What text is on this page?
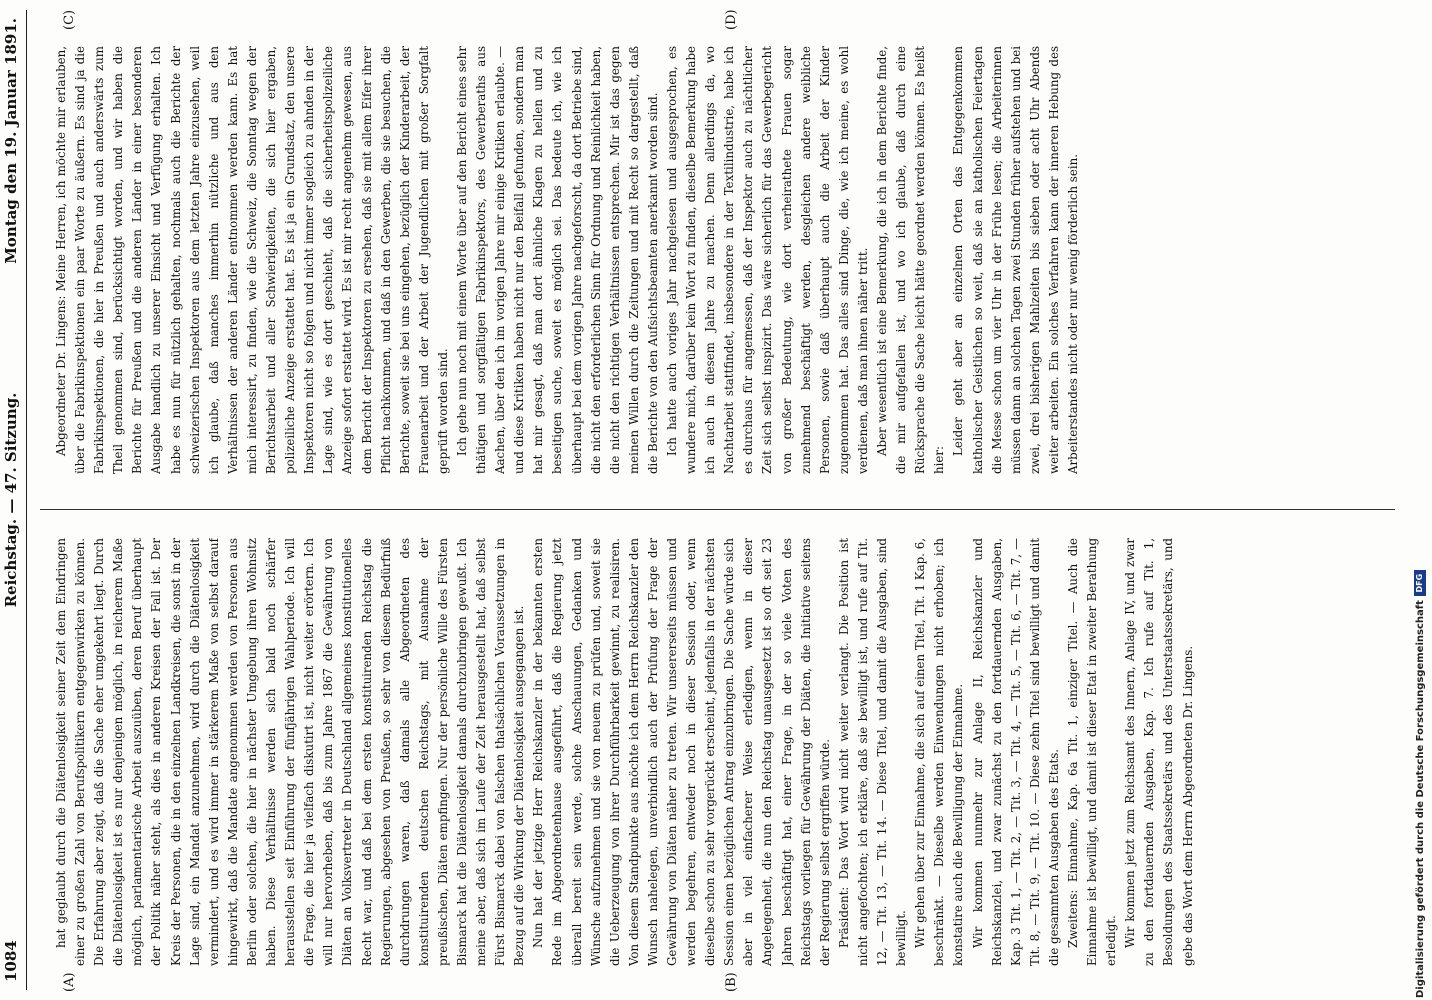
1084
Reichstag. — 47. Sitzung.
Montag den 19. Januar 1891.
(A)	(B)
(C)	(D)

hat geglaubt durch die Diätenlosigkeit seiner Zeit dem Eindringen einer zu großen Zahl von Berufspolitikern entgegenwirken zu können. Die Erfahrung aber zeigt, daß die Sache eher umgekehrt liegt. Durch die Diätenlosigkeit ist es nur denjenigen möglich, in reicherem Maße möglich, parlamentarische Arbeit auszuüben, deren Beruf überhaupt der Politik näher steht, als dies in anderen Kreisen der Fall ist. Der Kreis der Personen, die in den einzelnen Landkreisen, die sonst in der Lage sind, ein Mandat anzunehmen, wird durch die Diätenlosigkeit vermindert, und es wird immer in stärkerem Maße von selbst darauf hingewirkt, daß die Mandate angenommen werden von Personen aus Berlin oder solchen, die hier in nächster Umgebung ihren Wohnsitz haben. Diese Verhältnisse werden sich bald noch schärfer herausstellen seit Einführung der fünfjährigen Wahlperiode. Ich will die Frage, die hier ja vielfach diskutirt ist, nicht weiter erörtern. Ich will nur hervorheben, daß bis zum Jahre 1867 die Gewährung von Diäten an Volksvertreter in Deutschland allgemeines konstitutionelles Recht war, und daß bei dem ersten konstituirenden Reichstag die Regierungen, abgesehen von Preußen, so sehr von diesem Bedürfniß durchdrungen waren, daß damals alle Abgeordneten des konstituirenden deutschen Reichstags, mit Ausnahme der preußischen, Diäten empfingen. Nur der persönliche Wille des Fürsten Bismarck hat die Diätenlosigkeit damals durchzubringen gewußt. Ich meine aber, daß sich im Laufe der Zeit herausgestellt hat, daß selbst Fürst Bismarck dabei von falschen thatsächlichen Voraussetzungen in Bezug auf die Wirkung der Diätenlosigkeit ausgegangen ist. Nun hat der jetzige Herr Reichskanzler in der bekannten ersten Rede im Abgeordnetenhause ausgeführt, daß die Regierung jetzt überall bereit sein werde, solche Anschauungen, Gedanken und Wünsche aufzunehmen und sie von neuem zu prüfen und, soweit sie die Ueberzeugung von ihrer Durchführbarkeit gewinnt, zu realisiren. Von diesem Standpunkte aus möchte ich dem Herrn Reichskanzler den Wunsch nahelegen, unverbindlich auch der Prüfung der Frage der Gewährung von Diäten näher zu treten. Wir unsererseits müssen und werden begehren, entweder noch in dieser Session oder, wenn dieselbe schon zu sehr vorgerückt erscheint, jedenfalls in der nächsten Session einen bezüglichen Antrag einzubringen. Die Sache würde sich aber in viel einfacherer Weise erledigen, wenn in dieser Angelegenheit, die nun den Reichstag unausgesetzt ist so oft seit 23 Jahren beschäftigt hat, einer Frage, in der so viele Voten des Reichstags vorliegen für Gewährung der Diäten, die Initiative seitens der Regierung selbst ergriffen würde. Präsident: Das Wort wird nicht weiter verlangt. Die Position ist nicht angefochten; ich erkläre, daß sie bewilligt ist, und rufe auf Tit. 12, — Tit. 13, — Tit. 14. — Diese Titel, und damit die Ausgaben, sind bewilligt. Wir gehen über zur Einnahme, die sich auf einen Titel, Tit. 1 Kap. 6, beschränkt. — Dieselbe werden Einwendungen nicht erhoben; ich konstatire auch die Bewilligung der Einnahme. Wir kommen nunmehr zur Anlage II, Reichskanzler und Reichskanzlei, und zwar zunächst zu den fortdauernden Ausgaben, Kap. 3 Tit. 1, — Tit. 2, — Tit. 3, — Tit. 4, — Tit. 5, — Tit. 6, — Tit. 7, — Tit. 8, — Tit. 9, — Tit. 10. — Diese zehn Titel sind bewilligt und damit die gesammten Ausgaben des Etats. Zweitens: Einnahme, Kap. 6a Tit. 1, einziger Titel. — Auch die Einnahme ist bewilligt, und damit ist dieser Etat in zweiter Berathung erledigt. Wir kommen jetzt zum Reichsamt des Innern, Anlage IV, und zwar zu den fortdauernden Ausgaben, Kap. 7. Ich rufe auf Tit. 1, Besoldungen des Staatssekretärs und des Unterstaatssekretärs, und gebe das Wort dem Herrn Abgeordneten Dr. Lingens.

Abgeordneter Dr. Lingens: Meine Herren, ich möchte mir erlauben, über die Fabrikinspektionen ein paar Worte zu äußern. Es sind ja die Fabrikinspektionen, die hier in Preußen und auch anderswärts zum Theil genommen sind, berücksichtigt worden, und wir haben die Berichte für Preußen und die anderen Länder in einer besonderen Ausgabe handlich zu unserer Einsicht und Verfügung erhalten. Ich habe es nun für nützlich gehalten, nochmals auch die Berichte der schweizerischen Inspektoren aus dem letzten Jahre einzusehen, weil ich glaube, daß manches immerhin nützliche und aus den Verhältnissen der anderen Länder entnommen werden kann. Es hat mich interessirt, zu finden, wie die Schweiz, die Sonntag wegen der Berichtsarbeit und aller Schwierigkeiten, die sich hier ergaben, polizeiliche Anzeige erstattet hat. Es ist ja ein Grundsatz, den unsere Inspektoren nicht so folgen und nicht immer sogleich zu ahnden in der Lage sind, wie es dort geschieht, daß die sicherheitspolizeiliche Anzeige sofort erstattet wird. Es ist mir recht angenehm gewesen, aus dem Bericht der Inspektoren zu ersehen, daß sie mit allem Eifer ihrer Pflicht nachkommen, und daß in den Gewerben, die sie besuchen, die Berichte, soweit sie bei uns eingehen, bezüglich der Kinderarbeit, der Frauenarbeit und der Arbeit der Jugendlichen mit großer Sorgfalt geprüft worden sind. Ich gehe nun noch mit einem Worte über auf den Bericht eines sehr thätigen und sorgfältigen Fabrikinspektors, des Gewerberaths aus Aachen, über den ich im vorigen Jahre mir einige Kritiken erlaubte. — und diese Kritiken haben nicht nur den Beifall gefunden, sondern man hat mir gesagt, daß man dort ähnliche Klagen zu hellen und zu beseitigen suche, soweit es möglich sei. Das bedeute ich, wie ich überhaupt bei dem vorigen Jahre nachgeforscht, da dort Betriebe sind, die nicht den erforderlichen Sinn für Ordnung und Reinlichkeit haben, die nicht den richtigen Verhältnissen entsprechen. Mir ist das gegen meinen Willen durch die Zeitungen und mit Recht so dargestellt, daß die Berichte von den Aufsichtsbeamten anerkannt worden sind. Ich hatte auch voriges Jahr nachgelesen und ausgesprochen, es wundere mich, darüber kein Wort zu finden, dieselbe Bemerkung habe ich auch in diesem Jahre zu machen. Denn allerdings da, wo Nachtarbeit stattfindet, insbesondere in der Textilindustrie, habe ich es durchaus für angemessen, daß der Inspektor auch zu nächtlicher Zeit sich selbst inspizirt. Das wäre sicherlich für das Gewerbegericht von großer Bedeutung, wie dort verheirathete Frauen sogar zunehmend beschäftigt werden, desgleichen andere weibliche Personen, sowie daß überhaupt auch die Arbeit der Kinder zugenommen hat. Das alles sind Dinge, die, wie ich meine, es wohl verdienen, daß man ihnen näher tritt. Aber wesentlich ist eine Bemerkung, die ich in dem Berichte finde, die mir aufgefallen ist, und wo ich glaube, daß durch eine Rücksprache die Sache leicht hätte geordnet werden können. Es heißt hier:

Leider geht aber an einzelnen Orten das Entgegenkommen katholischer Geistlichen so weit, daß sie an katholischen Feiertagen die Messe schon um vier Uhr in der Frühe lesen; die Arbeiterinnen müssen dann an solchen Tagen zwei Stunden früher aufstehen und bei zwei, drei bisherigen Mahlzeiten bis sieben oder acht Uhr Abends weiter arbeiten. Ein solches Verfahren kann der inneren Hebung des Arbeiterstandes nicht oder nur wenig förderlich sein.

Digitalisierung gefördert durch die Deutsche Forschungsgemeinschaft
DFG
